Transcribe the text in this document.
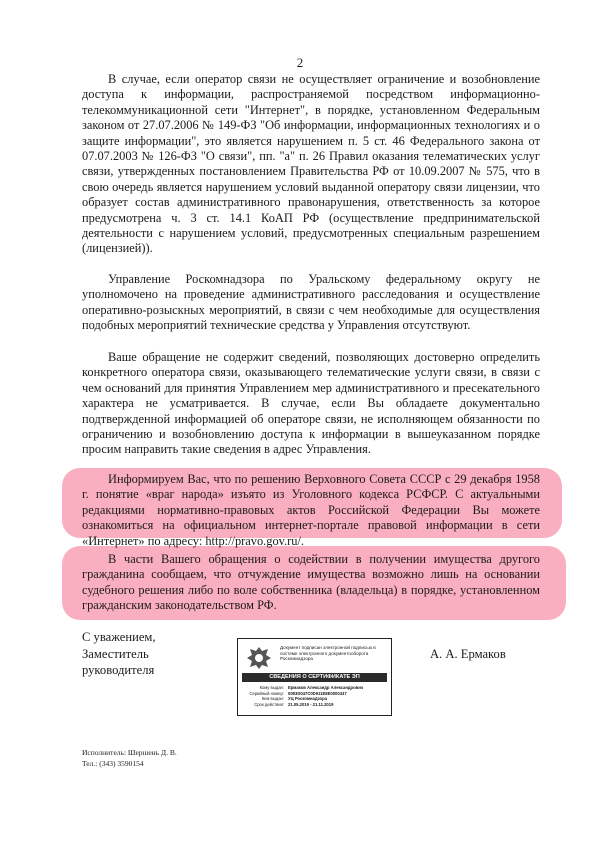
2

В случае, если оператор связи не осуществляет ограничение и возобновление доступа к информации, распространяемой посредством информационно-телекоммуникационной сети "Интернет", в порядке, установленном Федеральным законом от 27.07.2006 № 149-ФЗ "Об информации, информационных технологиях и о защите информации", это является нарушением п. 5 ст. 46 Федерального закона от 07.07.2003 № 126-ФЗ "О связи", пп. "а" п. 26 Правил оказания телематических услуг связи, утвержденных постановлением Правительства РФ от 10.09.2007 № 575, что в свою очередь является нарушением условий выданной оператору связи лицензии, что образует состав административного правонарушения, ответственность за которое предусмотрена ч. 3 ст. 14.1 КоАП РФ (осуществление предпринимательской деятельности с нарушением условий, предусмотренных специальным разрешением (лицензией)).

Управление Роскомнадзора по Уральскому федеральному округу не уполномочено на проведение административного расследования и осуществление оперативно-розыскных мероприятий, в связи с чем необходимые для осуществления подобных мероприятий технические средства у Управления отсутствуют.

Ваше обращение не содержит сведений, позволяющих достоверно определить конкретного оператора связи, оказывающего телематические услуги связи, в связи с чем оснований для принятия Управлением мер административного и пресекательного характера не усматривается. В случае, если Вы обладаете документально подтвержденной информацией об операторе связи, не исполняющем обязанности по ограничению и возобновлению доступа к информации в вышеуказанном порядке просим направить такие сведения в адрес Управления.

Информируем Вас, что по решению Верховного Совета СССР с 29 декабря 1958 г. понятие «враг народа» изъято из Уголовного кодекса РСФСР. С актуальными редакциями нормативно-правовых актов Российской Федерации Вы можете ознакомиться на официальном интернет-портале правовой информации в сети «Интернет» по адресу: http://pravo.gov.ru/.

В части Вашего обращения о содействии в получении имущества другого гражданина сообщаем, что отчуждение имущества возможно лишь на основании судебного решения либо по воле собственника (владельца) в порядке, установленном гражданским законодательством РФ.

С уважением,
Заместитель
руководителя
А. А. Ермаков
Документ подписан электронной подписью в системе электронного документооборота Роскомнадзора
СВЕДЕНИЯ О СЕРТИФИКАТЕ ЭП
Кому выдан: Ермаков Александр Александрович
Серийный номер: 0083D047C0D911E8E0000437
Кем выдан: УЦ Роскомнадзора
Срок действия: 21.05.2019 - 21.11.2019
Исполнитель: Шершень Д. В.
Тел.: (343) 3590154
